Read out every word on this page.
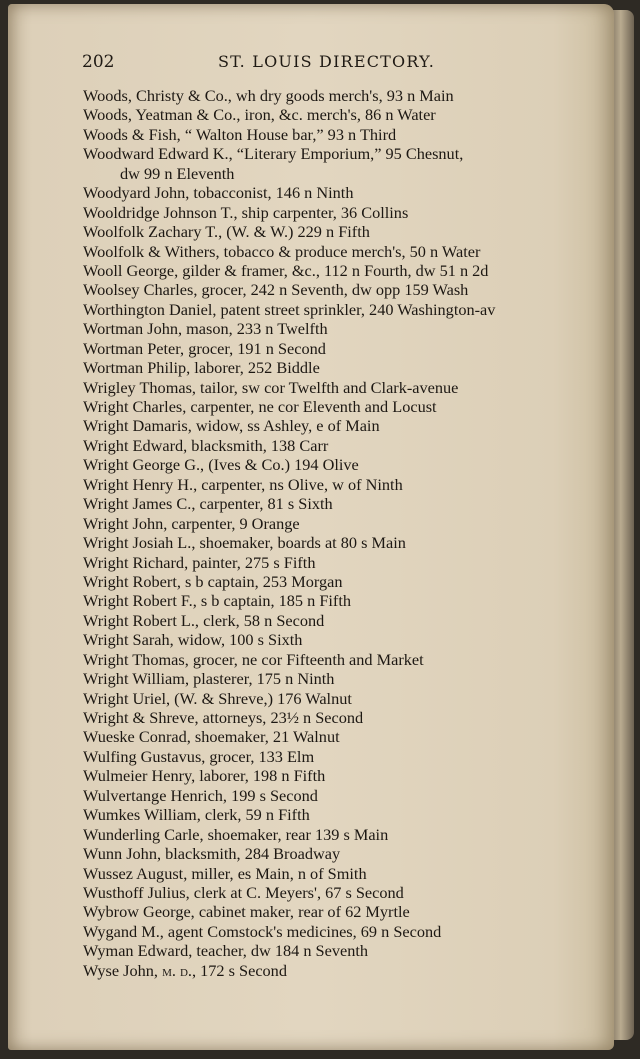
202	ST. LOUIS DIRECTORY.
Woods, Christy & Co., wh dry goods merch's, 93 n Main
Woods, Yeatman & Co., iron, &c. merch's, 86 n Water
Woods & Fish, “ Walton House bar,” 93 n Third
Woodward Edward K., “Literary Emporium,” 95 Chesnut,
dw 99 n Eleventh
Woodyard John, tobacconist, 146 n Ninth
Wooldridge Johnson T., ship carpenter, 36 Collins
Woolfolk Zachary T., (W. & W.) 229 n Fifth
Woolfolk & Withers, tobacco & produce merch's, 50 n Water
Wooll George, gilder & framer, &c., 112 n Fourth, dw 51 n 2d
Woolsey Charles, grocer, 242 n Seventh, dw opp 159 Wash
Worthington Daniel, patent street sprinkler, 240 Washington-av
Wortman John, mason, 233 n Twelfth
Wortman Peter, grocer, 191 n Second
Wortman Philip, laborer, 252 Biddle
Wrigley Thomas, tailor, sw cor Twelfth and Clark-avenue
Wright Charles, carpenter, ne cor Eleventh and Locust
Wright Damaris, widow, ss Ashley, e of Main
Wright Edward, blacksmith, 138 Carr
Wright George G., (Ives & Co.) 194 Olive
Wright Henry H., carpenter, ns Olive, w of Ninth
Wright James C., carpenter, 81 s Sixth
Wright John, carpenter, 9 Orange
Wright Josiah L., shoemaker, boards at 80 s Main
Wright Richard, painter, 275 s Fifth
Wright Robert, s b captain, 253 Morgan
Wright Robert F., s b captain, 185 n Fifth
Wright Robert L., clerk, 58 n Second
Wright Sarah, widow, 100 s Sixth
Wright Thomas, grocer, ne cor Fifteenth and Market
Wright William, plasterer, 175 n Ninth
Wright Uriel, (W. & Shreve,) 176 Walnut
Wright & Shreve, attorneys, 23½ n Second
Wueske Conrad, shoemaker, 21 Walnut
Wulfing Gustavus, grocer, 133 Elm
Wulmeier Henry, laborer, 198 n Fifth
Wulvertange Henrich, 199 s Second
Wumkes William, clerk, 59 n Fifth
Wunderling Carle, shoemaker, rear 139 s Main
Wunn John, blacksmith, 284 Broadway
Wussez August, miller, es Main, n of Smith
Wusthoff Julius, clerk at C. Meyers', 67 s Second
Wybrow George, cabinet maker, rear of 62 Myrtle
Wygand M., agent Comstock's medicines, 69 n Second
Wyman Edward, teacher, dw 184 n Seventh
Wyse John, m. d., 172 s Second
